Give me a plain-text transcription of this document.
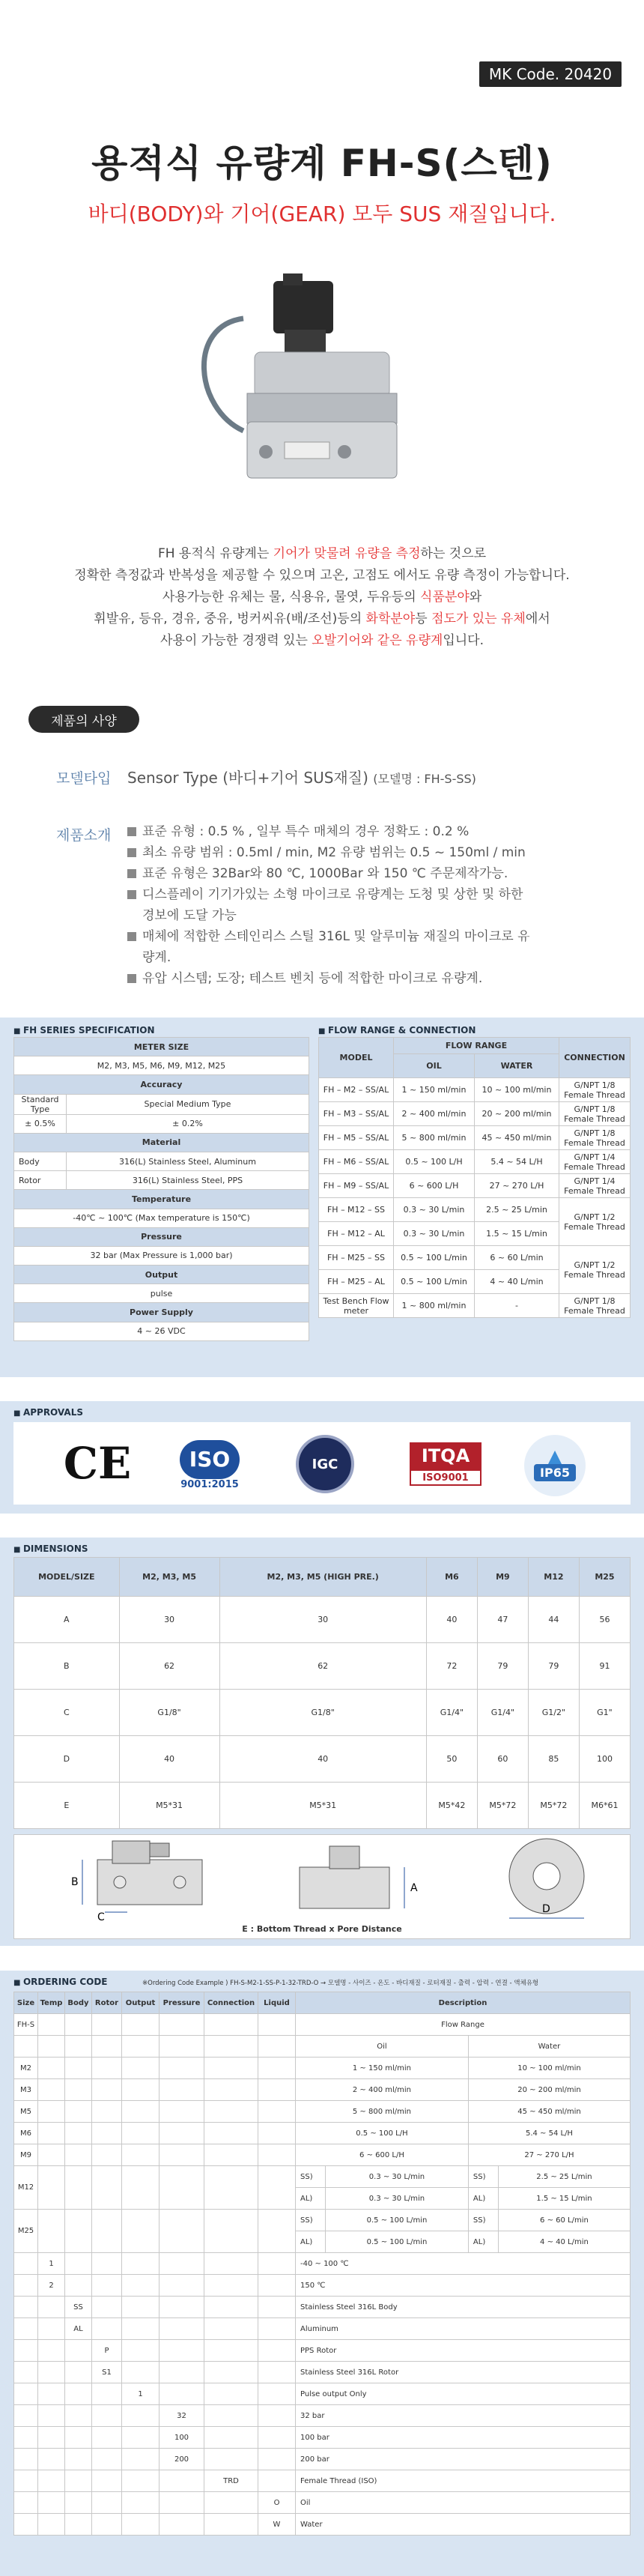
MK Code. 20420
용적식 유량계 FH-S(스텐)
바디(BODY)와 기어(GEAR) 모두 SUS 재질입니다.
FH 용적식 유량계는 기어가 맞물려 유량을 측정하는 것으로
정확한 측정값과 반복성을 제공할 수 있으며 고온, 고점도 에서도 유량 측정이 가능합니다.
사용가능한 유체는 물, 식용유, 물엿, 두유등의 식품분야와
휘발유, 등유, 경유, 중유, 벙커씨유(배/조선)등의 화학분야등 점도가 있는 유체에서
사용이 가능한 경쟁력 있는 오발기어와 같은 유량계입니다.
제품의 사양
모델타입 Sensor Type (바디+기어 SUS재질) (모델명 : FH-S-SS)
제품소개	표준 유형 : 0.5 % , 일부 특수 매체의 경우 정확도 : 0.2 %
최소 유량 범위 : 0.5ml / min, M2 유량 범위는 0.5 ~ 150ml / min
표준 유형은 32Bar와 80 ℃, 1000Bar 와 150 ℃ 주문제작가능.
디스플레이 기기가있는 소형 마이크로 유량계는 도청 및 상한 및 하한 경보에 도달 가능
매체에 적합한 스테인리스 스틸 316L 및 알루미늄 재질의 마이크로 유량계.
유압 시스템; 도장; 테스트 벤치 등에 적합한 마이크로 유량계.
■ FH SERIES SPECIFICATION
METER SIZE	
M2, M3, M5, M6, M9, M12, M25	
Accuracy	
Standard Type	Special Medium Type
± 0.5%	± 0.2%
Material	
Body	316(L) Stainless Steel, Aluminum
Rotor	316(L) Stainless Steel, PPS
Temperature	
-40℃ ~ 100℃ (Max temperature is 150℃)	
Pressure	
32 bar (Max Pressure is 1,000 bar)	
Output	
pulse	
Power Supply	
4 ~ 26 VDC	
■ FLOW RANGE & CONNECTION
MODEL	FLOW RANGE		CONNECTION
	OIL	WATER	
FH – M2 – SS/AL	1 ~ 150 ml/min	10 ~ 100 ml/min	G/NPT 1/8 Female Thread
FH – M3 – SS/AL	2 ~ 400 ml/min	20 ~ 200 ml/min	G/NPT 1/8 Female Thread
FH – M5 – SS/AL	5 ~ 800 ml/min	45 ~ 450 ml/min	G/NPT 1/8 Female Thread
FH – M6 – SS/AL	0.5 ~ 100 L/H	5.4 ~ 54 L/H	G/NPT 1/4 Female Thread
FH – M9 – SS/AL	6 ~ 600 L/H	27 ~ 270 L/H	G/NPT 1/4 Female Thread
FH – M12 – SS	0.3 ~ 30 L/min	2.5 ~ 25 L/min	G/NPT 1/2 Female Thread
FH – M12 – AL	0.3 ~ 30 L/min	1.5 ~ 15 L/min	
FH – M25 – SS	0.5 ~ 100 L/min	6 ~ 60 L/min	G/NPT 1/2 Female Thread
FH – M25 – AL	0.5 ~ 100 L/min	4 ~ 40 L/min	
Test Bench Flow meter	1 ~ 800 ml/min	-	G/NPT 1/8 Female Thread
■ APPROVALS
CE	ISO
9001:2015
IGC	ITQA
ISO9001	IP65
■ DIMENSIONS
MODEL/SIZE	M2, M3, M5	M2, M3, M5 (HIGH PRE.)	M6	M9	M12	M25
A	30	30	40	47	44	56
B	62	62	72	79	79	91
C	G1/8"	G1/8"	G1/4"	G1/4"	G1/2"	G1"
D	40	40	50	60	85	100
E	M5*31	M5*31	M5*42	M5*72	M5*72	M6*61
B
C
A
D
E : Bottom Thread x Pore Distance
■ ORDERING CODE	※Ordering Code Example ) FH-S-M2-1-SS-P-1-32-TRD-O → 모델명 - 사이즈 - 온도 - 바디재질 - 로터재질 - 출력 - 압력 - 연결 - 액체유형
Size	Temp	Body	Rotor	Output	Pressure	Connection	Liquid	Description			
FH-S								Flow Range			
								Oil		Water	
M2								1 ~ 150 ml/min		10 ~ 100 ml/min	
M3								2 ~ 400 ml/min		20 ~ 200 ml/min	
M5								5 ~ 800 ml/min		45 ~ 450 ml/min	
M6								0.5 ~ 100 L/H		5.4 ~ 54 L/H	
M9								6 ~ 600 L/H		27 ~ 270 L/H	
M12								SS)	0.3 ~ 30 L/min	SS)	2.5 ~ 25 L/min
								AL)	0.3 ~ 30 L/min	AL)	1.5 ~ 15 L/min
M25								SS)	0.5 ~ 100 L/min	SS)	6 ~ 60 L/min
								AL)	0.5 ~ 100 L/min	AL)	4 ~ 40 L/min
	1							-40 ~ 100 ℃			
	2							150 ℃			
		SS						Stainless Steel 316L Body			
		AL						Aluminum			
			P					PPS Rotor			
			S1					Stainless Steel 316L Rotor			
				1				Pulse output Only			
					32			32 bar			
					100			100 bar			
					200			200 bar			
						TRD		Female Thread (ISO)			
							O	Oil			
							W	Water			
